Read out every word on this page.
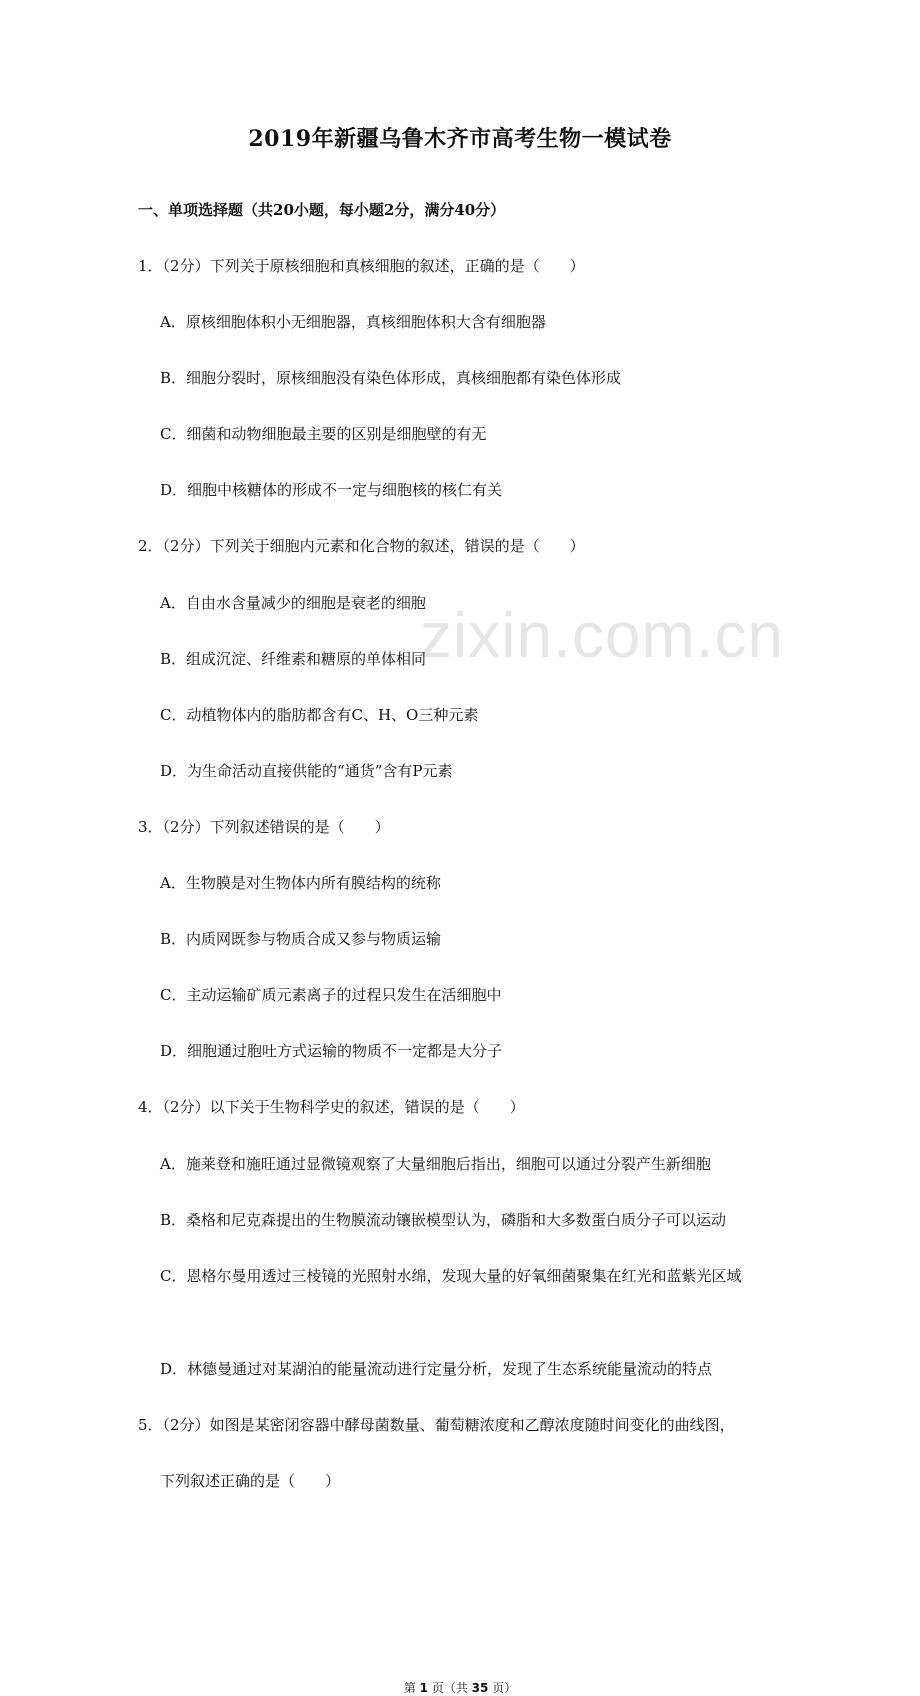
zixin.com.cn
2019年新疆乌鲁木齐市高考生物一模试卷
一、单项选择题（共20小题，每小题2分，满分40分）
1．（2分）下列关于原核细胞和真核细胞的叙述，正确的是（　　）
A．原核细胞体积小无细胞器，真核细胞体积大含有细胞器
B．细胞分裂时，原核细胞没有染色体形成，真核细胞都有染色体形成
C．细菌和动物细胞最主要的区别是细胞壁的有无
D．细胞中核糖体的形成不一定与细胞核的核仁有关
2．（2分）下列关于细胞内元素和化合物的叙述，错误的是（　　）
A．自由水含量减少的细胞是衰老的细胞
B．组成沉淀、纤维素和糖原的单体相同
C．动植物体内的脂肪都含有C、H、O三种元素
D．为生命活动直接供能的“通货”含有P元素
3．（2分）下列叙述错误的是（　　）
A．生物膜是对生物体内所有膜结构的统称
B．内质网既参与物质合成又参与物质运输
C．主动运输矿质元素离子的过程只发生在活细胞中
D．细胞通过胞吐方式运输的物质不一定都是大分子
4．（2分）以下关于生物科学史的叙述，错误的是（　　）
A．施莱登和施旺通过显微镜观察了大量细胞后指出，细胞可以通过分裂产生新细胞
B．桑格和尼克森提出的生物膜流动镶嵌模型认为，磷脂和大多数蛋白质分子可以运动
C．恩格尔曼用透过三棱镜的光照射水绵，发现大量的好氧细菌聚集在红光和蓝紫光区域
D．林德曼通过对某湖泊的能量流动进行定量分析，发现了生态系统能量流动的特点
5．（2分）如图是某密闭容器中酵母菌数量、葡萄糖浓度和乙醇浓度随时间变化的曲线图，
下列叙述正确的是（　　）
第 1 页（共 35 页）
